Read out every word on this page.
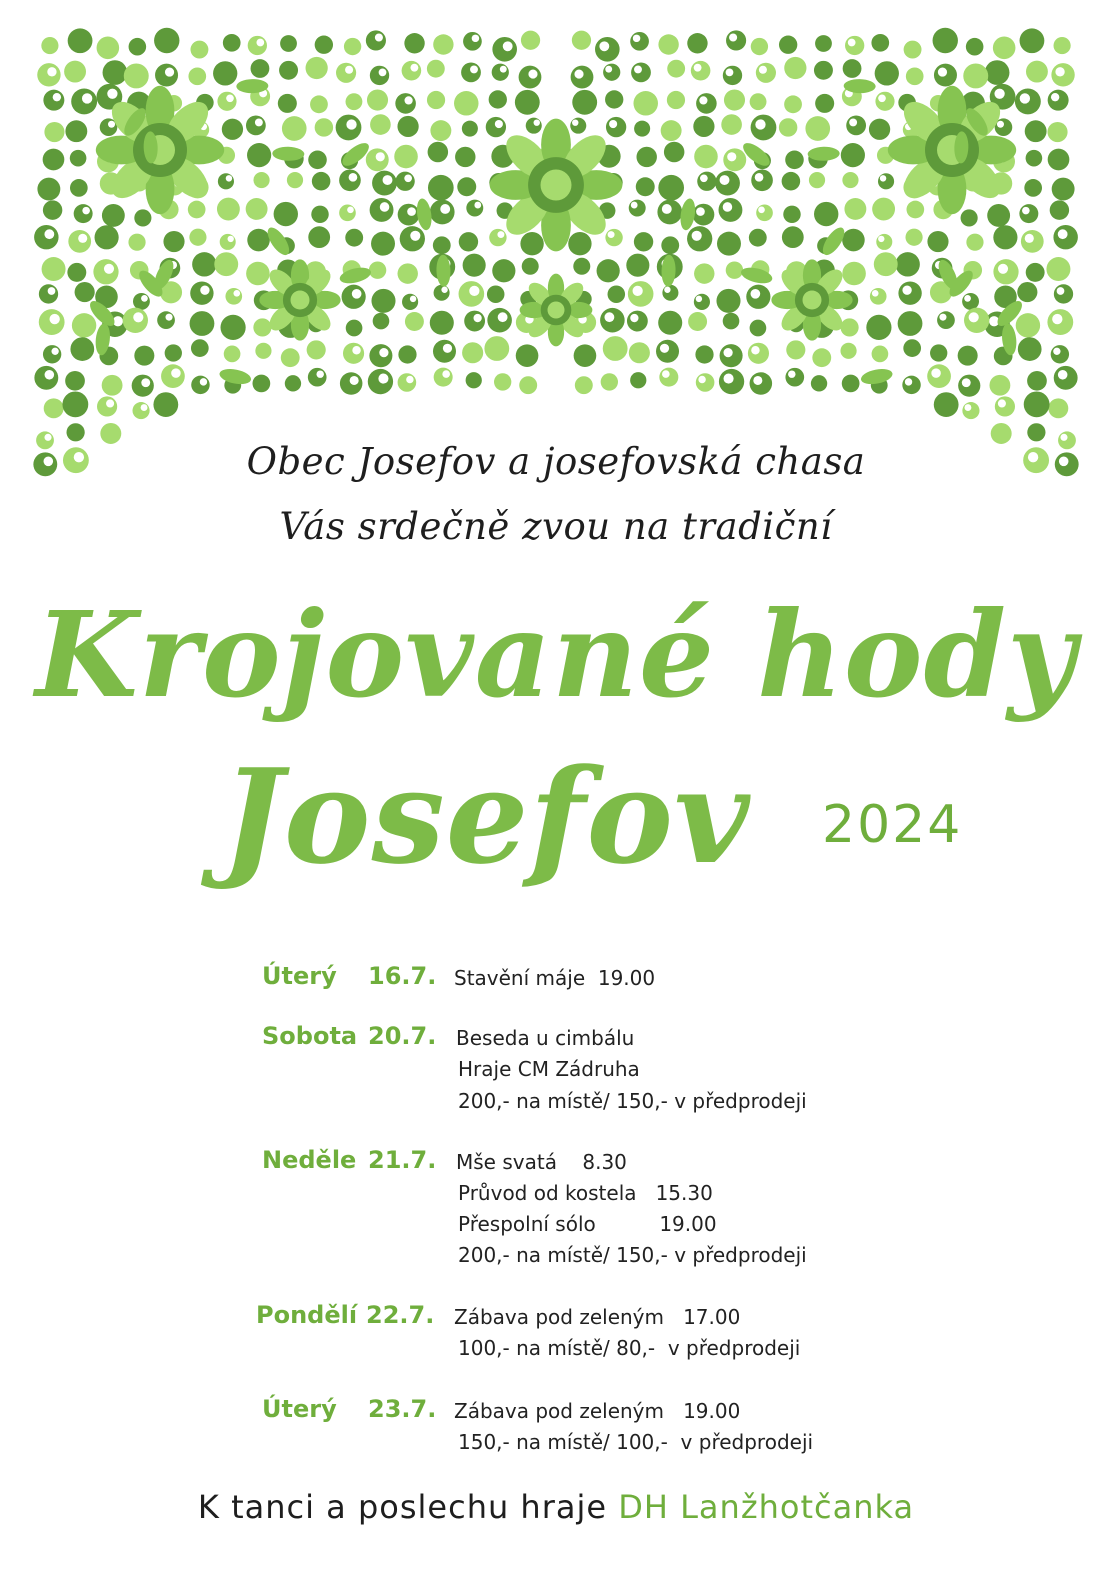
Obec Josefov a josefovská chasa
Vás srdečně zvou na tradiční
Krojované hody
Josefov	2024
Úterý 16.7. Stavění máje  19.00
Sobota 20.7. Beseda u cimbálu
Hraje CM Zádruha
200,- na místě/ 150,- v předprodeji
Neděle 21.7. Mše svatá    8.30
Průvod od kostela   15.30
Přespolní sólo          19.00
200,- na místě/ 150,- v předprodeji
Pondělí 22.7. Zábava pod zeleným   17.00
100,- na místě/ 80,-  v předprodeji
Úterý 23.7. Zábava pod zeleným   19.00
150,- na místě/ 100,-  v předprodeji
K tanci a poslechu hraje DH Lanžhotčanka
